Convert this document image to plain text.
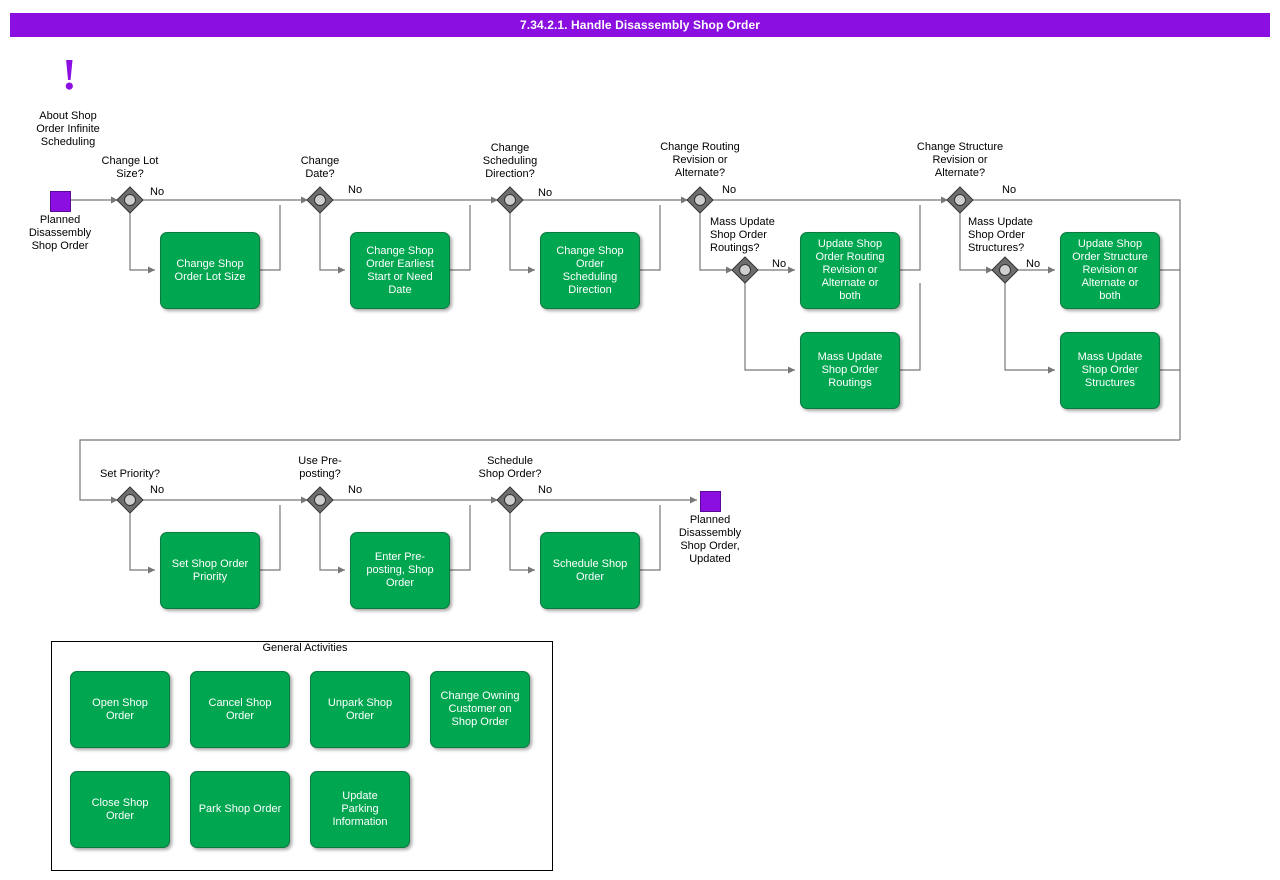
7.34.2.1. Handle Disassembly Shop Order
!
About Shop
Order Infinite
Scheduling
Planned
Disassembly
Shop Order
Planned
Disassembly
Shop Order,
Updated
Change Lot
Size?
No
Change
Date?
No
Change
Scheduling
Direction?
No
Change Routing
Revision or
Alternate?
No
Mass Update
Shop Order
Routings?
No
Change Structure
Revision or
Alternate?
No
Mass Update
Shop Order
Structures?
No
Set Priority?
No
Use Pre-
posting?
No
Schedule
Shop Order?
No
Change Shop
Order Lot Size
Change Shop
Order Earliest
Start or Need
Date
Change Shop
Order
Scheduling
Direction
Update Shop
Order Routing
Revision or
Alternate or
both
Mass Update
Shop Order
Routings
Update Shop
Order Structure
Revision or
Alternate or
both
Mass Update
Shop Order
Structures
Set Shop Order
Priority
Enter Pre-
posting, Shop
Order
Schedule Shop
Order
General Activities
Open Shop
Order
Cancel Shop
Order
Unpark Shop
Order
Change Owning
Customer on
Shop Order
Close Shop
Order
Park Shop Order
Update
Parking
Information
